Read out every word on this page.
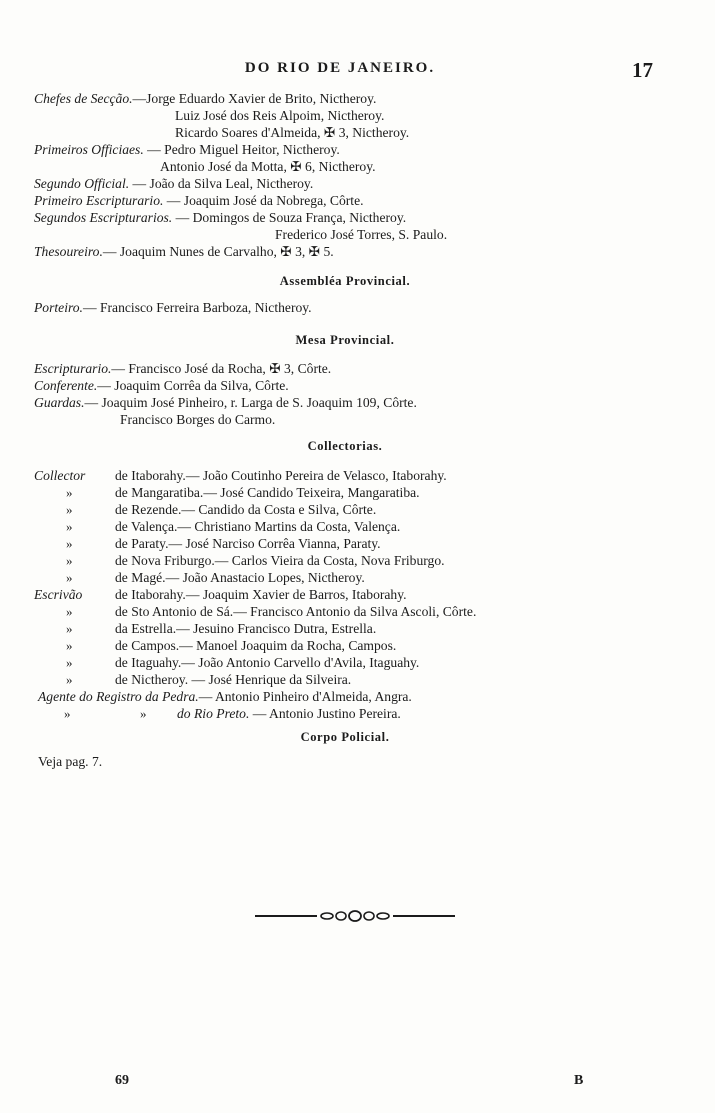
DO RIO DE JANEIRO.	17
Chefes de Secção.—Jorge Eduardo Xavier de Brito, Nictheroy.
Luiz José dos Reis Alpoim, Nictheroy.
Ricardo Soares d'Almeida, ✠ 3, Nictheroy.
Primeiros Officiaes. — Pedro Miguel Heitor, Nictheroy.
Antonio José da Motta, ✠ 6, Nictheroy.
Segundo Official. — João da Silva Leal, Nictheroy.
Primeiro Escripturario. — Joaquim José da Nobrega, Côrte.
Segundos Escripturarios. — Domingos de Souza França, Nictheroy.
Frederico José Torres, S. Paulo.
Thesoureiro.— Joaquim Nunes de Carvalho, ✠ 3, ✠ 5.
Assembléa Provincial.
Porteiro.— Francisco Ferreira Barboza, Nictheroy.
Mesa Provincial.
Escripturario.— Francisco José da Rocha, ✠ 3, Côrte.
Conferente.— Joaquim Corrêa da Silva, Côrte.
Guardas.— Joaquim José Pinheiro, r. Larga de S. Joaquim 109, Côrte.
Francisco Borges do Carmo.
Collectorias.
Collector de Itaborahy.— João Coutinho Pereira de Velasco, Itaborahy.
»	de Mangaratiba.— José Candido Teixeira, Mangaratiba.
»	de Rezende.— Candido da Costa e Silva, Côrte.
»	de Valença.— Christiano Martins da Costa, Valença.
»	de Paraty.— José Narciso Corrêa Vianna, Paraty.
»	de Nova Friburgo.— Carlos Vieira da Costa, Nova Friburgo.
»	de Magé.— João Anastacio Lopes, Nictheroy.
Escrivão de Itaborahy.— Joaquim Xavier de Barros, Itaborahy.
»	de Sto Antonio de Sá.— Francisco Antonio da Silva Ascoli, Côrte.
»	da Estrella.— Jesuino Francisco Dutra, Estrella.
»	de Campos.— Manoel Joaquim da Rocha, Campos.
»	de Itaguahy.— João Antonio Carvello d'Avila, Itaguahy.
»	de Nictheroy. — José Henrique da Silveira.
Agente do Registro da Pedra.— Antonio Pinheiro d'Almeida, Angra.
»	» do Rio Preto. — Antonio Justino Pereira.
Corpo Policial.
Veja pag. 7.
69	B
